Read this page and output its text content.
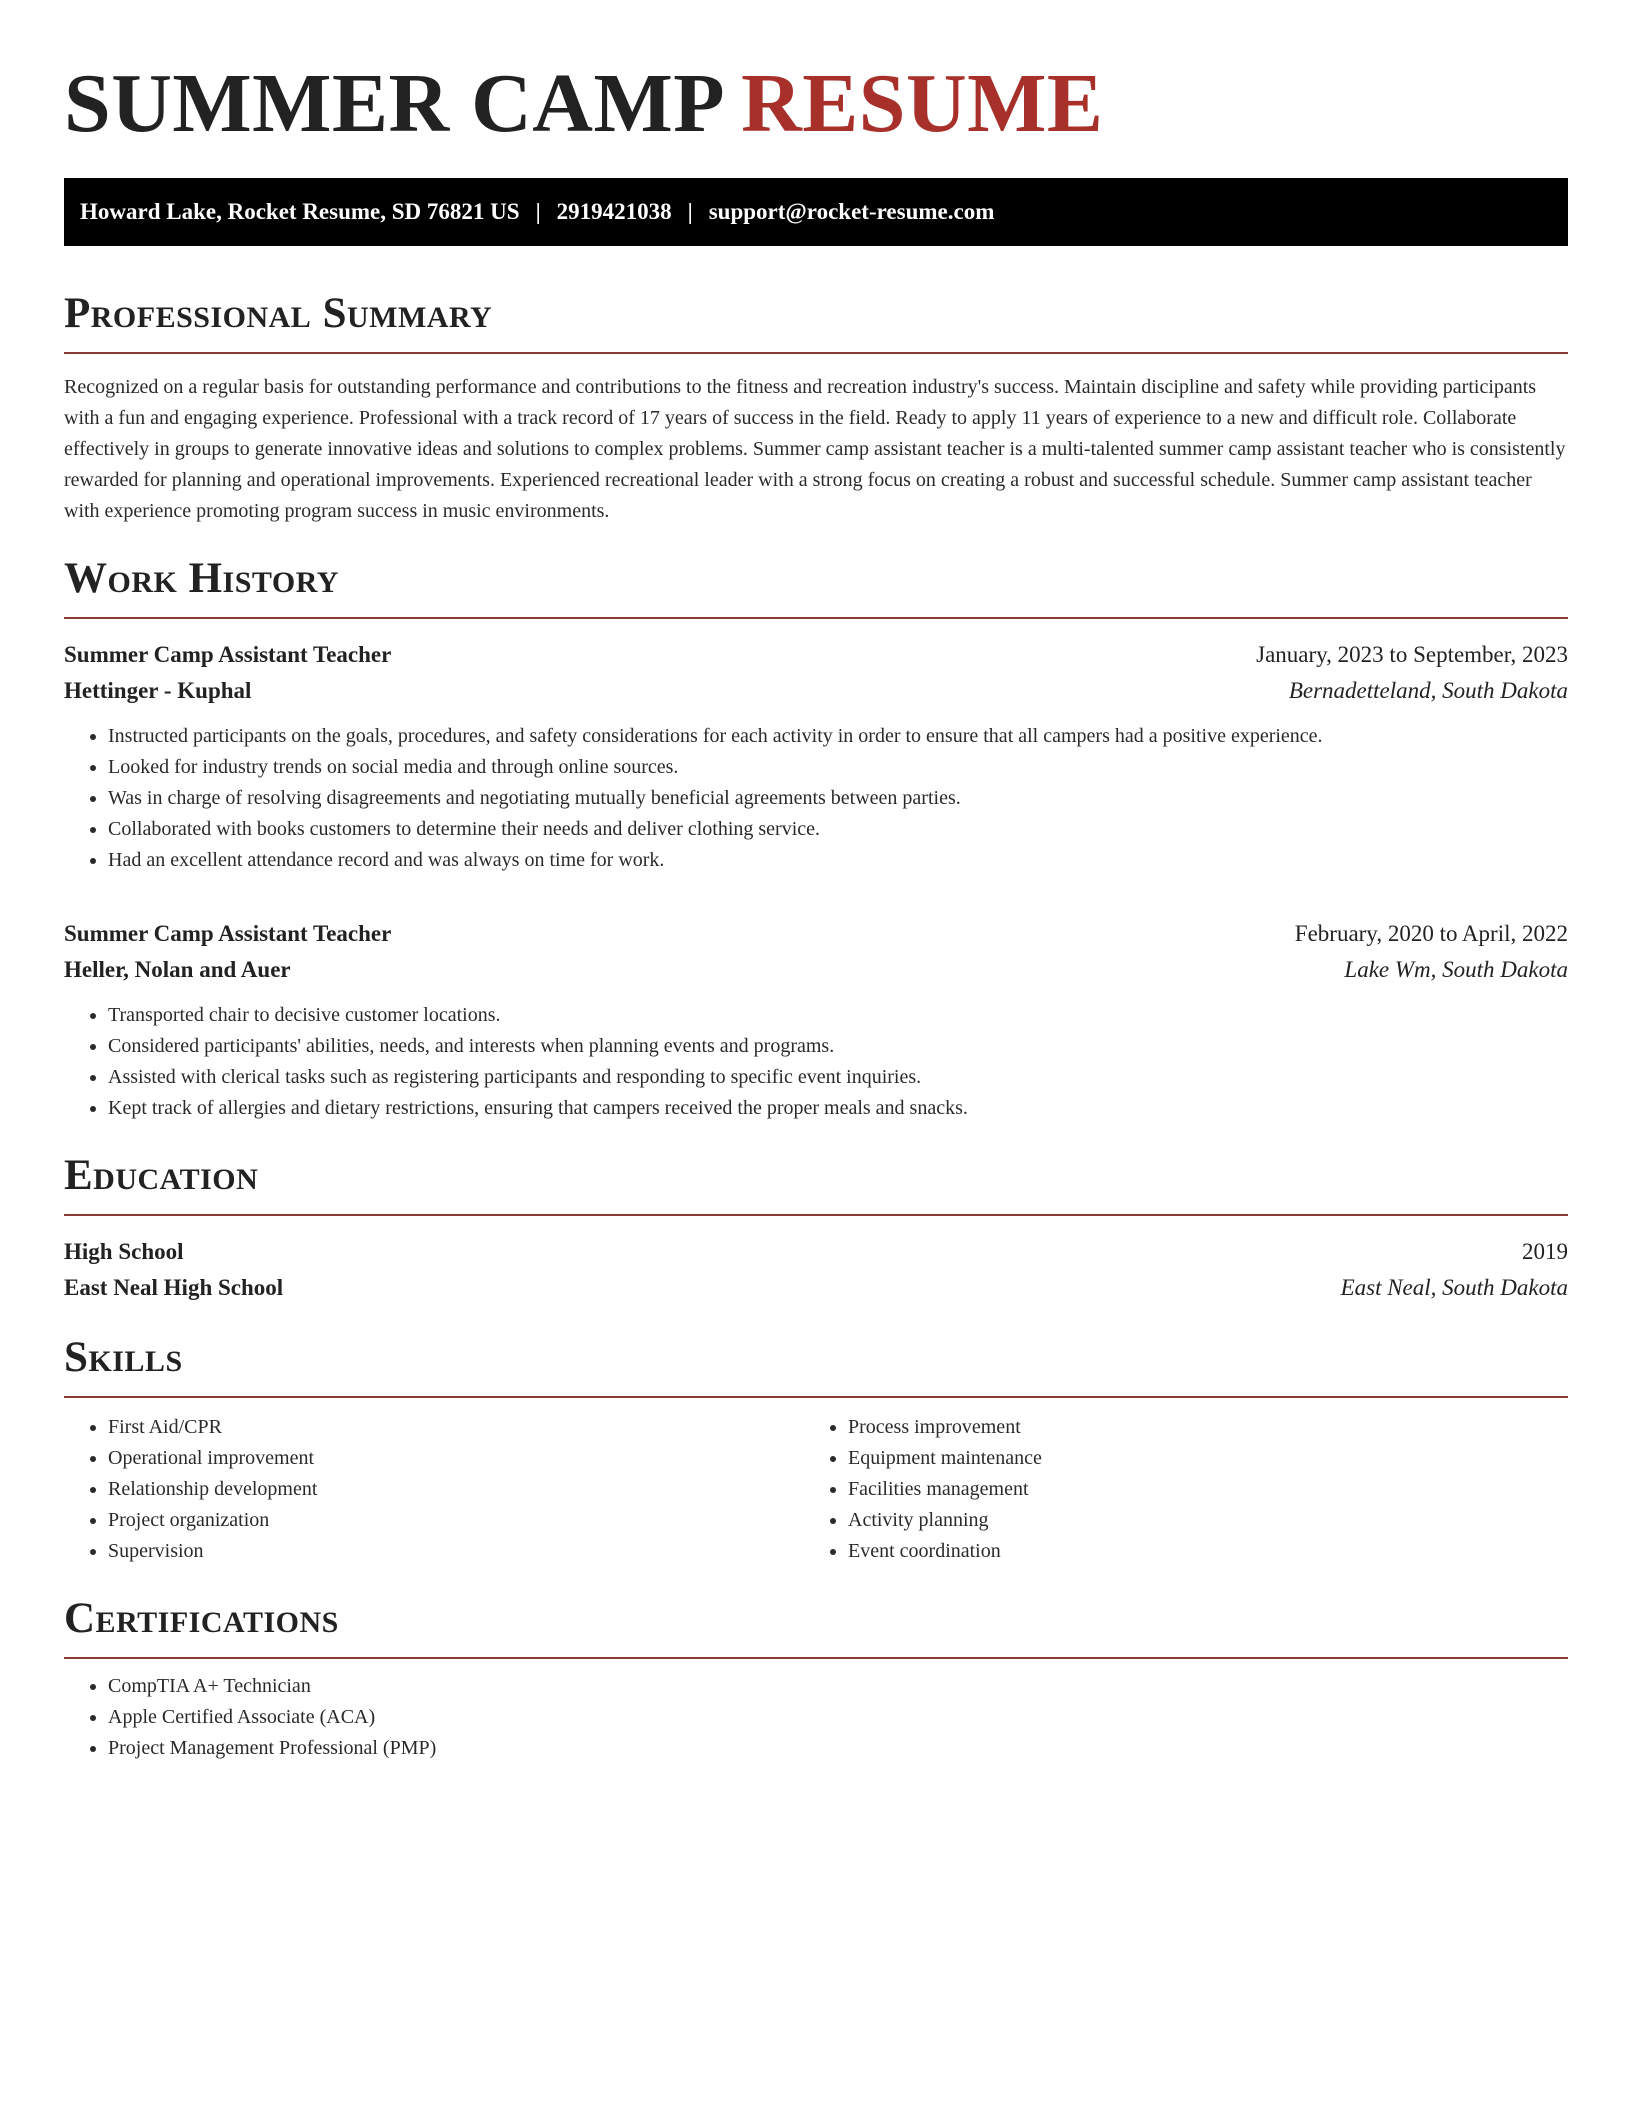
SUMMER CAMP RESUME
Howard Lake, Rocket Resume, SD 76821 US | 2919421038 | support@rocket-resume.com
Professional Summary

Recognized on a regular basis for outstanding performance and contributions to the fitness and recreation industry's success. Maintain discipline and safety while providing participants with a fun and engaging experience. Professional with a track record of 17 years of success in the field. Ready to apply 11 years of experience to a new and difficult role. Collaborate effectively in groups to generate innovative ideas and solutions to complex problems. Summer camp assistant teacher is a multi-talented summer camp assistant teacher who is consistently rewarded for planning and operational improvements. Experienced recreational leader with a strong focus on creating a robust and successful schedule. Summer camp assistant teacher with experience promoting program success in music environments.

Work History
Summer Camp Assistant Teacher	January, 2023 to September, 2023
Hettinger - Kuphal	Bernadetteland, South Dakota
• Instructed participants on the goals, procedures, and safety considerations for each activity in order to ensure that all campers had a positive experience.
• Looked for industry trends on social media and through online sources.
• Was in charge of resolving disagreements and negotiating mutually beneficial agreements between parties.
• Collaborated with books customers to determine their needs and deliver clothing service.
• Had an excellent attendance record and was always on time for work.
Summer Camp Assistant Teacher	February, 2020 to April, 2022
Heller, Nolan and Auer	Lake Wm, South Dakota
• Transported chair to decisive customer locations.
• Considered participants' abilities, needs, and interests when planning events and programs.
• Assisted with clerical tasks such as registering participants and responding to specific event inquiries.
• Kept track of allergies and dietary restrictions, ensuring that campers received the proper meals and snacks.
Education
High School	2019
East Neal High School	East Neal, South Dakota
Skills
• First Aid/CPR
• Operational improvement
• Relationship development
• Project organization
• Supervision
• Process improvement
• Equipment maintenance
• Facilities management
• Activity planning
• Event coordination
Certifications
• CompTIA A+ Technician
• Apple Certified Associate (ACA)
• Project Management Professional (PMP)
